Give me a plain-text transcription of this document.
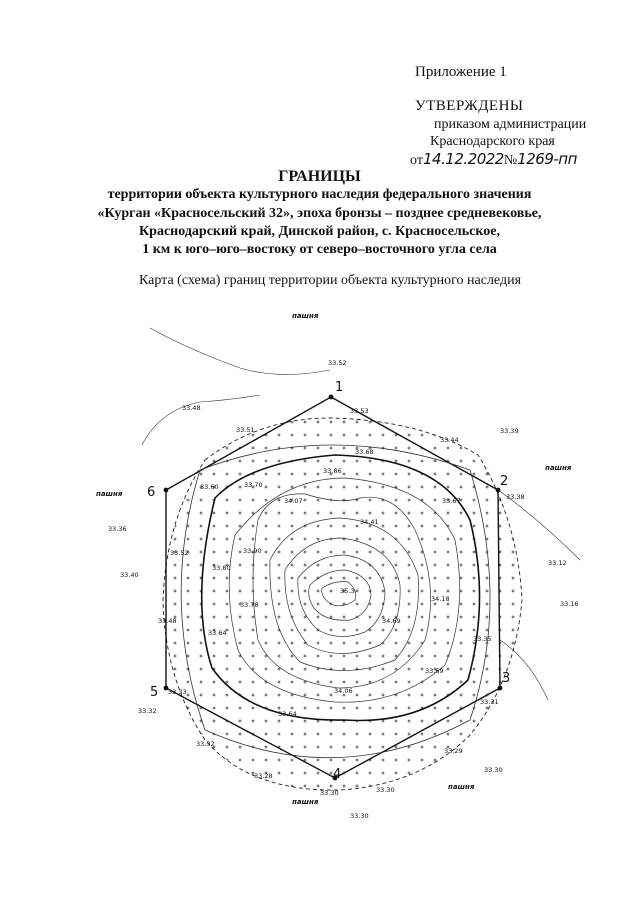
Приложение 1
УТВЕРЖДЕНЫ
приказом администрации
Краснодарского края
от14.12.2022№1269-пп
ГРАНИЦЫ
территории объекта культурного наследия федерального значения
«Курган «Красносельский 32», эпоха бронзы – позднее средневековье,
Краснодарский край, Динской район, с. Красносельское,
1 км к юго–юго–востоку от северо–восточного угла села
Карта (схема) границ территории объекта культурного наследия
1
2
3
4
5
6
пашня
пашня
пашня
пашня
пашня
33.52
33.48	33.53
33.51
33.44
33.39
33.68
33.86
33.70
33.60
34.07	33.67	33.38
34.41
33.36
33.52	33.90
33.12
33.80
33.40
35.3
34.18
33.16
33.78
34.69
33.48
33.64
33.35
33.69
33.33	34.06
33.31
33.32	33.64
33.32
33.29
33.28
33.30
33.30	33.30
33.30
